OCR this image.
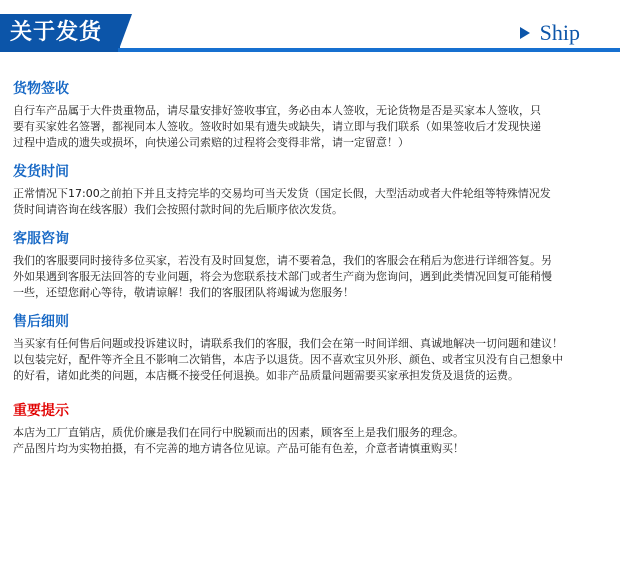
关于发货	Ship
货物签收
自行车产品属于大件贵重物品，请尽量安排好签收事宜，务必由本人签收，无论货物是否是买家本人签收，只
要有买家姓名签署，都视同本人签收。签收时如果有遗失或缺失，请立即与我们联系（如果签收后才发现快递
过程中造成的遗失或损坏，向快递公司索赔的过程将会变得非常，请一定留意！）
发货时间
正常情况下17:00之前拍下并且支持完毕的交易均可当天发货（国定长假，大型活动或者大件轮组等特殊情况发
货时间请咨询在线客服）我们会按照付款时间的先后顺序依次发货。
客服咨询
我们的客服要同时接待多位买家，若没有及时回复您，请不要着急，我们的客服会在稍后为您进行详细答复。另
外如果遇到客服无法回答的专业问题，将会为您联系技术部门或者生产商为您询问，遇到此类情况回复可能稍慢
一些，还望您耐心等待，敬请谅解！我们的客服团队将竭诚为您服务！
售后细则
当买家有任何售后问题或投诉建议时，请联系我们的客服，我们会在第一时间详细、真诚地解决一切问题和建议！
以包装完好，配件等齐全且不影响二次销售，本店予以退货。因不喜欢宝贝外形、颜色、或者宝贝没有自己想象中
的好看，诸如此类的问题，本店概不接受任何退换。如非产品质量问题需要买家承担发货及退货的运费。
重要提示
本店为工厂直销店，质优价廉是我们在同行中脱颖而出的因素，顾客至上是我们服务的理念。
产品图片均为实物拍摄，有不完善的地方请各位见谅。产品可能有色差，介意者请慎重购买！
